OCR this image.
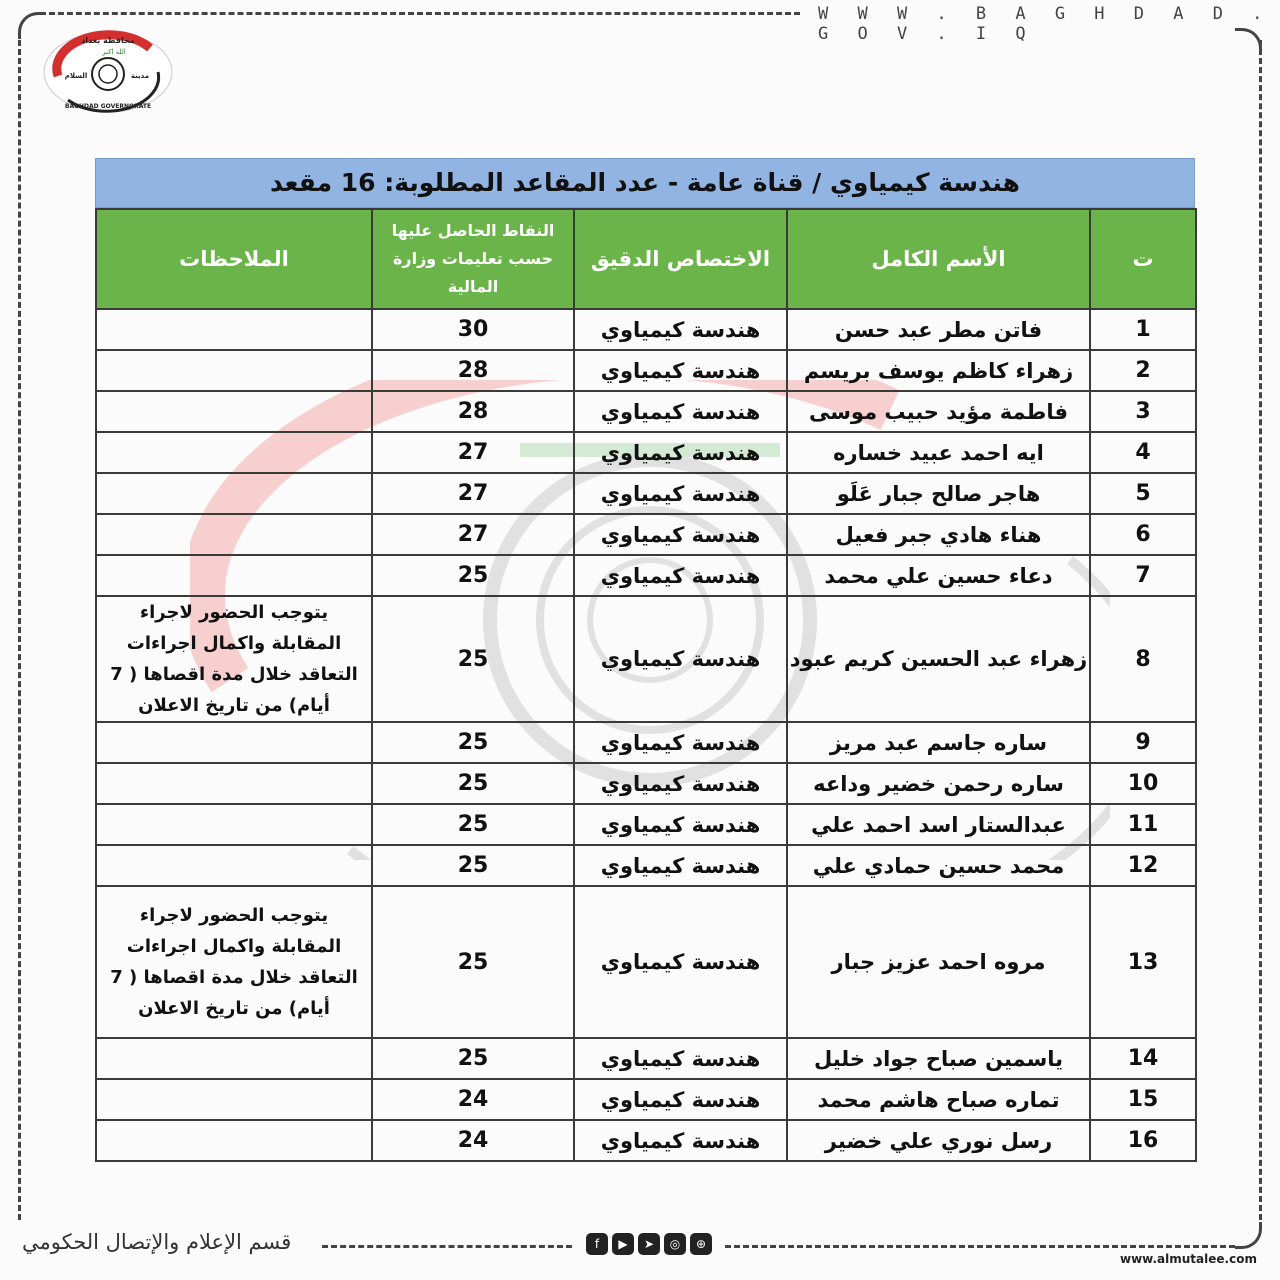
W W W . B A G H D A D . G O V . I Q
محافظة بغداد
الله اكبر
مدينة
السلام
BAGHDAD GOVERNORATE
هندسة كيمياوي / قناة عامة - عدد المقاعد المطلوبة: 16 مقعد
ت	الأسم الكامل	الاختصاص الدقيق	النقاط الحاصل عليها حسب تعليمات وزارة المالية	الملاحظات
1	فاتن مطر عبد حسن	هندسة كيمياوي	30	
2	زهراء كاظم يوسف بريسم	هندسة كيمياوي	28	
3	فاطمة مؤيد حبيب موسى	هندسة كيمياوي	28	
4	ايه احمد عبيد خساره	هندسة كيمياوي	27	
5	هاجر صالح جبار عَلَو	هندسة كيمياوي	27	
6	هناء هادي جبر فعيل	هندسة كيمياوي	27	
7	دعاء حسين علي محمد	هندسة كيمياوي	25	
8	زهراء عبد الحسين كريم عبود	هندسة كيمياوي	25	يتوجب الحضور لاجراء المقابلة واكمال اجراءات التعاقد خلال مدة اقصاها ( 7 أيام) من تاريخ الاعلان
9	ساره جاسم عبد مريز	هندسة كيمياوي	25	
10	ساره رحمن خضير وداعه	هندسة كيمياوي	25	
11	عبدالستار اسد احمد علي	هندسة كيمياوي	25	
12	محمد حسين حمادي علي	هندسة كيمياوي	25	
13	مروه احمد عزيز جبار	هندسة كيمياوي	25	يتوجب الحضور لاجراء المقابلة واكمال اجراءات التعاقد خلال مدة اقصاها ( 7 أيام) من تاريخ الاعلان
14	ياسمين صباح جواد خليل	هندسة كيمياوي	25	
15	تماره صباح هاشم محمد	هندسة كيمياوي	24	
16	رسل نوري علي خضير	هندسة كيمياوي	24	
قسم الإعلام والإتصال الحكومي	f	▶	➤	◎	⊕
www.almutalee.com
